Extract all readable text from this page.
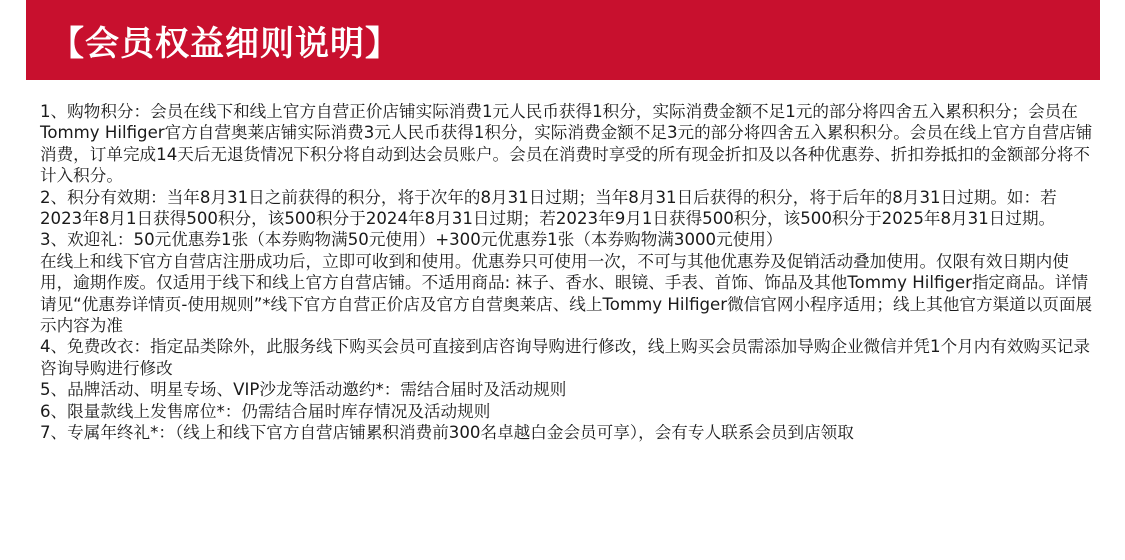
【会员权益细则说明】

1、购物积分：会员在线下和线上官方自营正价店铺实际消费1元人民币获得1积分，实际消费金额不足1元的部分将四舍五入累积积分；会员在Tommy Hilfiger官方自营奥莱店铺实际消费3元人民币获得1积分，实际消费金额不足3元的部分将四舍五入累积积分。会员在线上官方自营店铺消费，订单完成14天后无退货情况下积分将自动到达会员账户。会员在消费时享受的所有现金折扣及以各种优惠券、折扣券抵扣的金额部分将不计入积分。

2、积分有效期：当年8月31日之前获得的积分，将于次年的8月31日过期；当年8月31日后获得的积分，将于后年的8月31日过期。如：若2023年8月1日获得500积分，该500积分于2024年8月31日过期；若2023年9月1日获得500积分，该500积分于2025年8月31日过期。

3、欢迎礼：50元优惠券1张（本券购物满50元使用）+300元优惠券1张（本券购物满3000元使用）

在线上和线下官方自营店注册成功后，立即可收到和使用。优惠券只可使用一次，不可与其他优惠券及促销活动叠加使用。仅限有效日期内使用，逾期作废。仅适用于线下和线上官方自营店铺。不适用商品: 袜子、香水、眼镜、手表、首饰、饰品及其他Tommy Hilfiger指定商品。详情请见“优惠券详情页-使用规则”*线下官方自营正价店及官方自营奥莱店、线上Tommy Hilfiger微信官网小程序适用；线上其他官方渠道以页面展示内容为准

4、免费改衣：指定品类除外，此服务线下购买会员可直接到店咨询导购进行修改，线上购买会员需添加导购企业微信并凭1个月内有效购买记录咨询导购进行修改

5、品牌活动、明星专场、VIP沙龙等活动邀约*：需结合届时及活动规则

6、限量款线上发售席位*：仍需结合届时库存情况及活动规则

7、专属年终礼*：（线上和线下官方自营店铺累积消费前300名卓越白金会员可享），会有专人联系会员到店领取
